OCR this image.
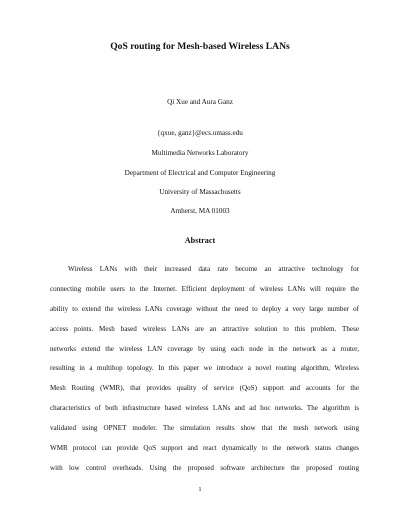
QoS routing for Mesh-based Wireless LANs
Qi Xue and Aura Ganz
{qxue, ganz}@ecs.umass.edu
Multimedia Networks Laboratory
Department of Electrical and Computer Engineering
University of Massachusetts
Amherst, MA 01003
Abstract
Wireless LANs with their increased data rate become an attractive technology for
connecting mobile users to the Internet. Efficient deployment of wireless LANs will require the
ability to extend the wireless LANs coverage without the need to deploy a very large number of
access points. Mesh based wireless LANs are an attractive solution to this problem. These
networks extend the wireless LAN coverage by using each node in the network as a router,
resulting in a multihop topology. In this paper we introduce a novel routing algorithm, Wireless
Mesh Routing (WMR), that provides quality of service (QoS) support and accounts for the
characteristics of both infrastructure based wireless LANs and ad hoc networks. The algorithm is
validated using OPNET modeler. The simulation results show that the mesh network using
WMR protocol can provide QoS support and react dynamically to the network status changes
with low control overheads. Using the proposed software architecture the proposed routing
1
